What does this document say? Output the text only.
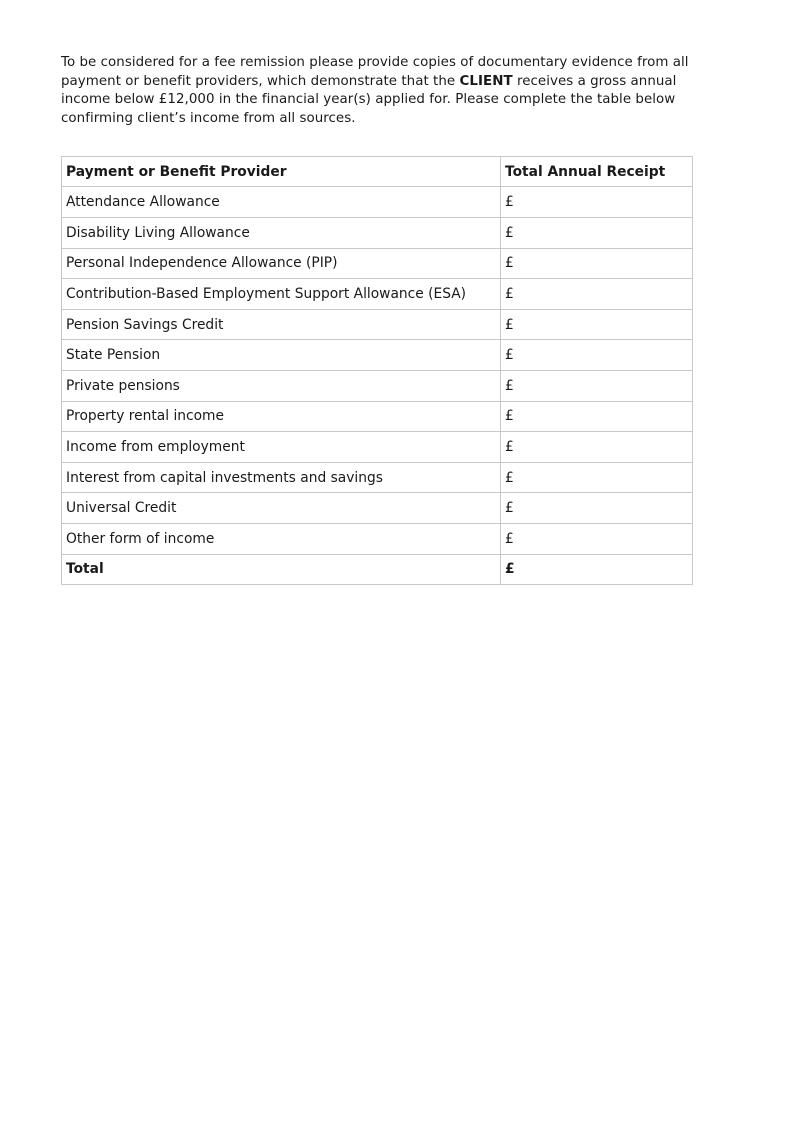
To be considered for a fee remission please provide copies of documentary evidence from all payment or benefit providers, which demonstrate that the CLIENT receives a gross annual income below £12,000 in the financial year(s) applied for. Please complete the table below confirming client’s income from all sources.

Payment or Benefit Provider	Total Annual Receipt
Attendance Allowance	£
Disability Living Allowance	£
Personal Independence Allowance (PIP)	£
Contribution-Based Employment Support Allowance (ESA)	£
Pension Savings Credit	£
State Pension	£
Private pensions	£
Property rental income	£
Income from employment	£
Interest from capital investments and savings	£
Universal Credit	£
Other form of income	£
Total	£
